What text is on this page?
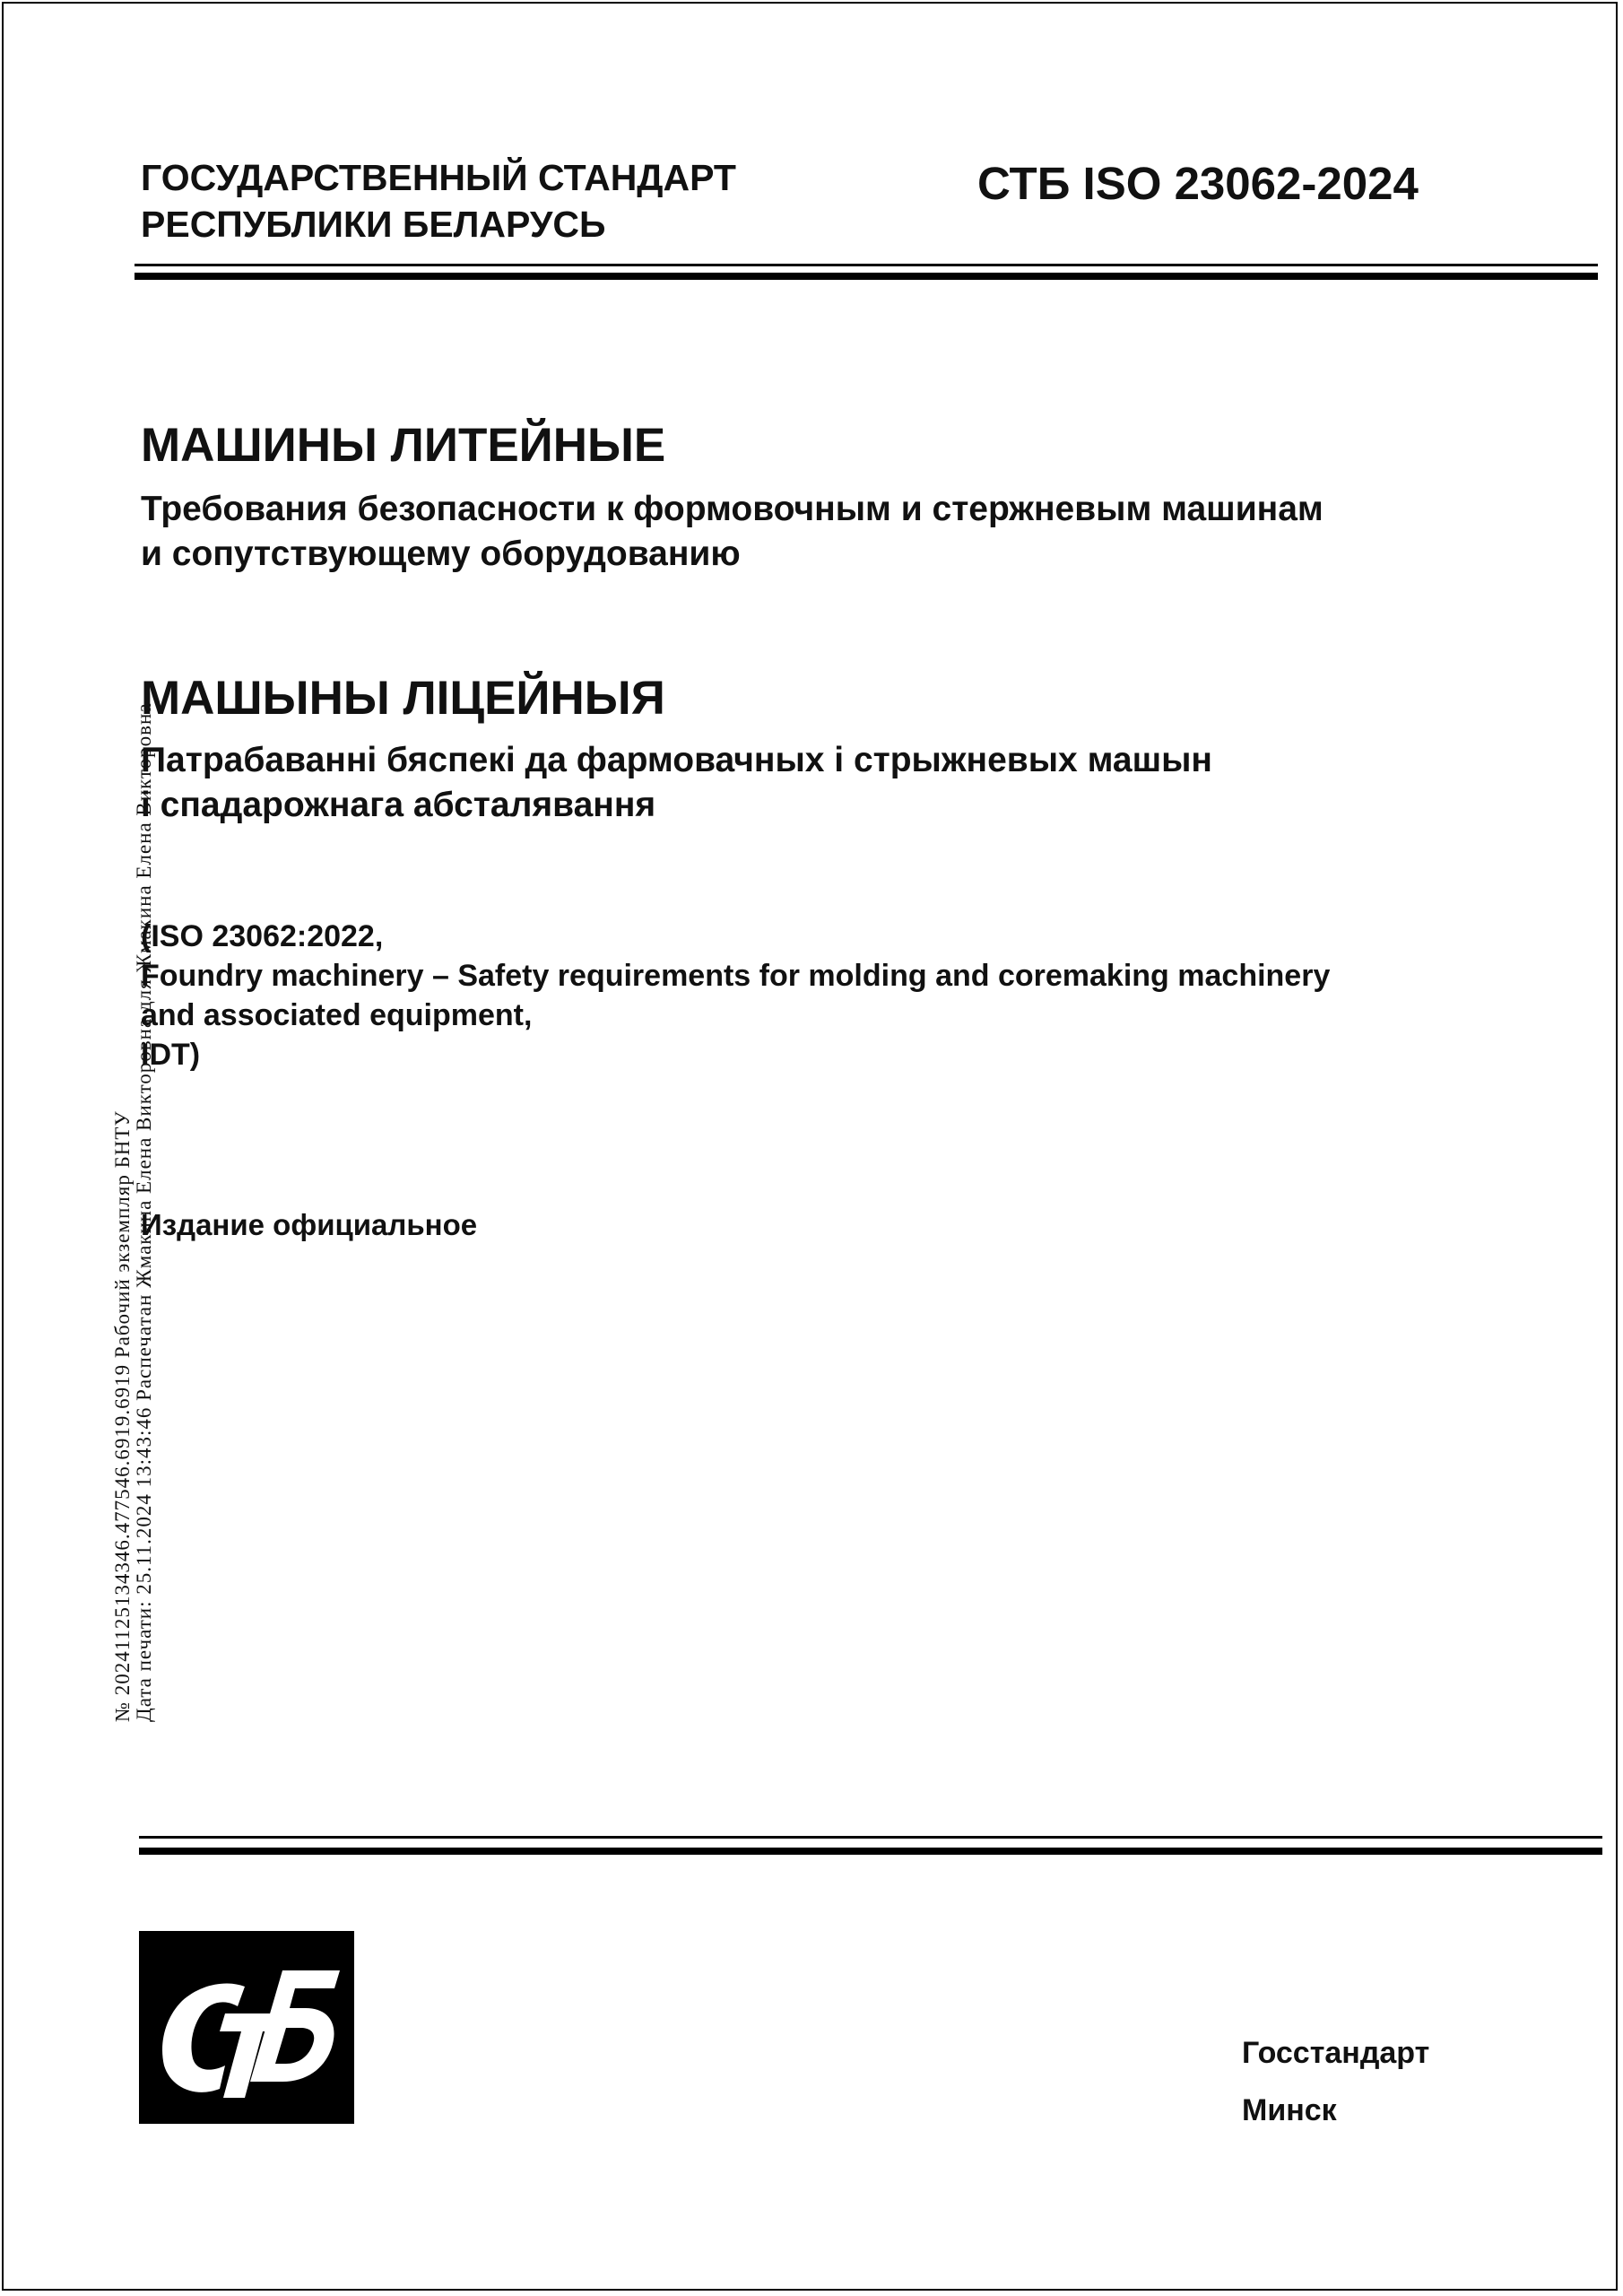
ГОСУДАРСТВЕННЫЙ СТАНДАРТ
РЕСПУБЛИКИ БЕЛАРУСЬ
СТБ ISO 23062-2024
МАШИНЫ ЛИТЕЙНЫЕ
Требования безопасности к формовочным и стержневым машинам
и сопутствующему оборудованию
МАШЫНЫ ЛІЦЕЙНЫЯ
Патрабаванні бяспекі да фармовачных і стрыжневых машын
і спадарожнага абсталявання
(ISO 23062:2022,
Foundry machinery – Safety requirements for molding and coremaking machinery
and associated equipment,
IDT)
Издание официальное
№ 20241125134346.477546.6919.6919 Рабочий экземпляр БНТУ Дата печати: 25.11.2024 13:43:46 Распечатан Жмакина Елена Викторовна для Жмакина Елена Викторовна
Госстандарт
Минск
